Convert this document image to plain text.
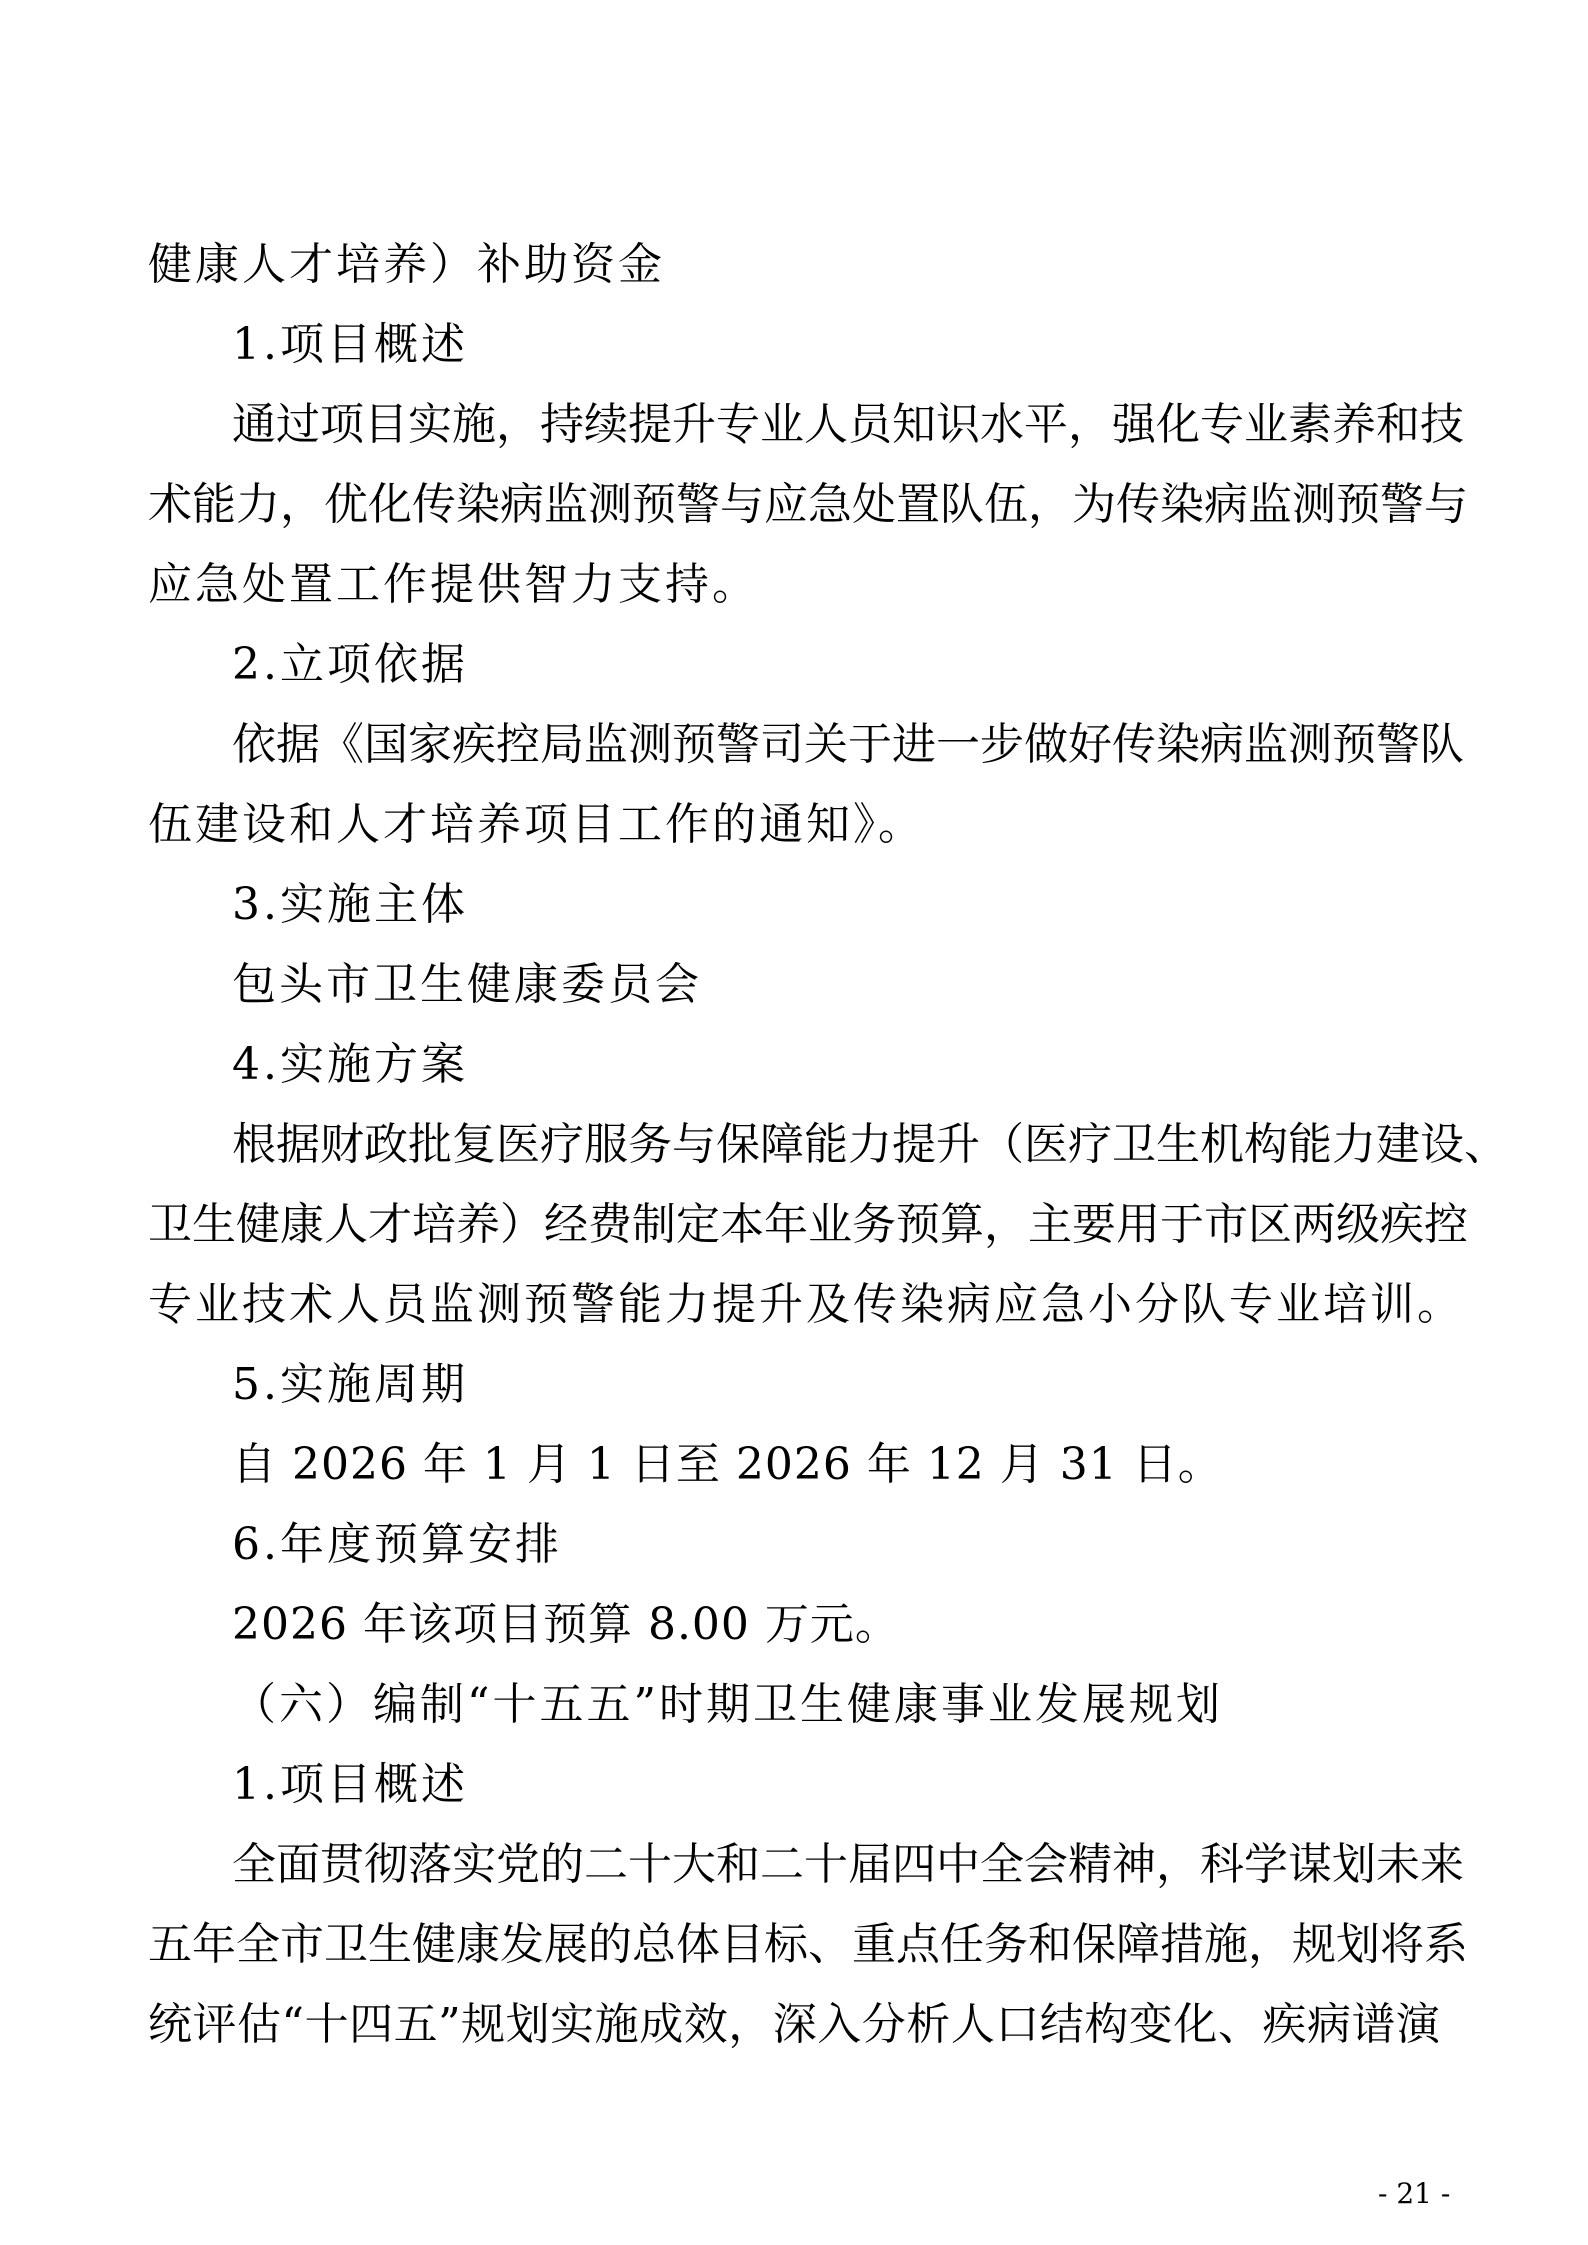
健康人才培养）补助资金
1.项目概述
通过项目实施，持续提升专业人员知识水平，强化专业素养和技
术能力，优化传染病监测预警与应急处置队伍，为传染病监测预警与
应急处置工作提供智力支持。
2.立项依据
依据《国家疾控局监测预警司关于进一步做好传染病监测预警队
伍建设和人才培养项目工作的通知》。
3.实施主体
包头市卫生健康委员会
4.实施方案
根据财政批复医疗服务与保障能力提升（医疗卫生机构能力建设、
卫生健康人才培养）经费制定本年业务预算，主要用于市区两级疾控
专业技术人员监测预警能力提升及传染病应急小分队专业培训。
5.实施周期
自 2026 年 1 月 1 日至 2026 年 12 月 31 日。
6.年度预算安排
2026 年该项目预算 8.00 万元。
（六）编制“十五五”时期卫生健康事业发展规划
1.项目概述
全面贯彻落实党的二十大和二十届四中全会精神，科学谋划未来
五年全市卫生健康发展的总体目标、重点任务和保障措施，规划将系
统评估“十四五”规划实施成效，深入分析人口结构变化、疾病谱演
- 21 -
